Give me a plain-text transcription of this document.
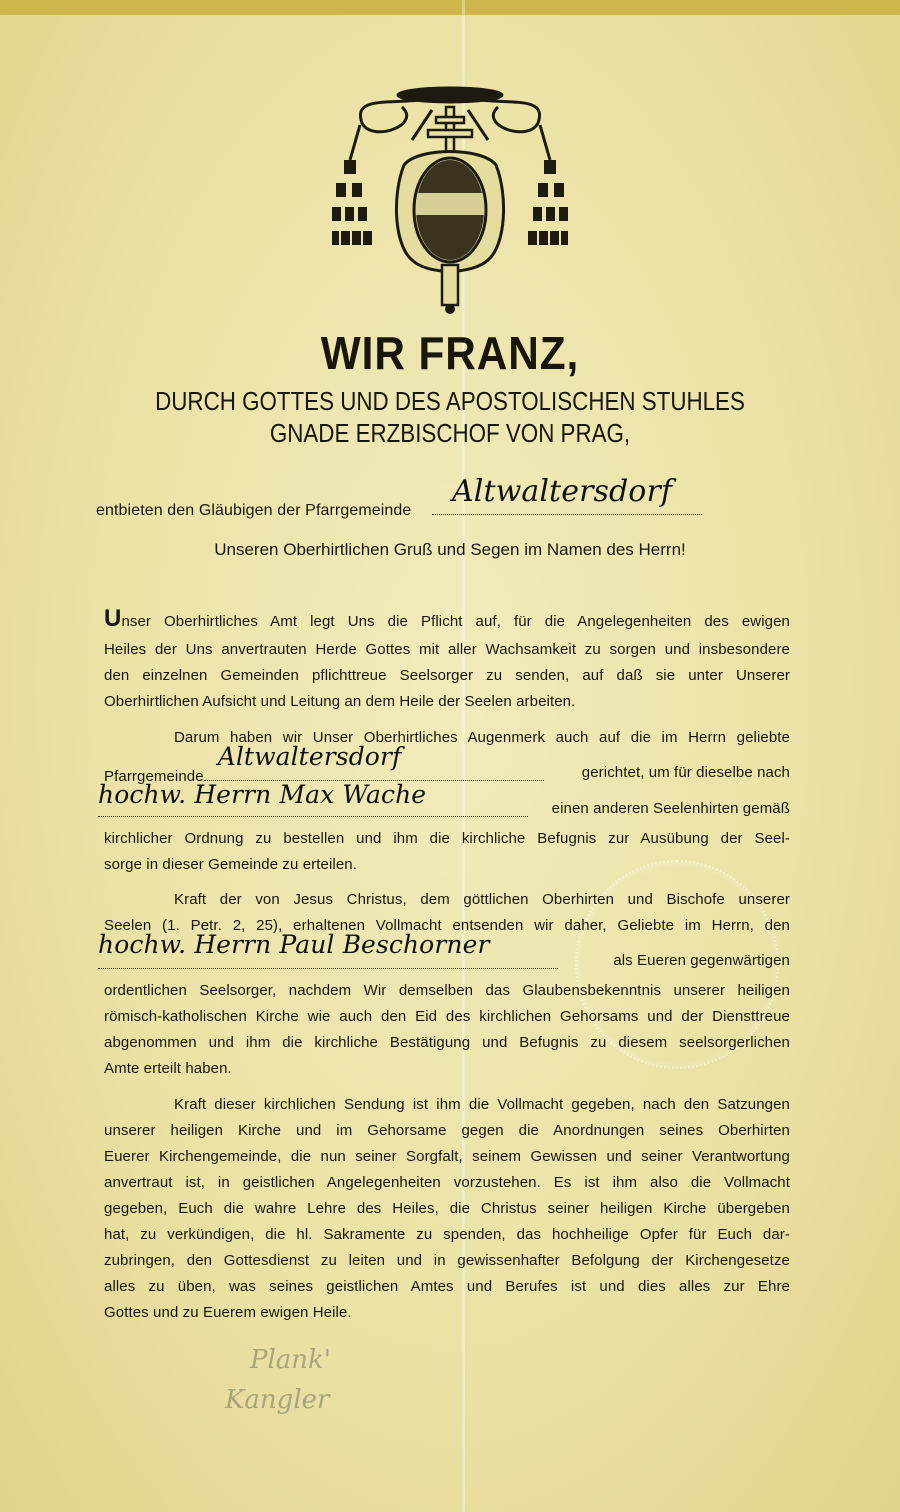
WIR FRANZ,
DURCH GOTTES UND DES APOSTOLISCHEN STUHLES
GNADE ERZBISCHOF VON PRAG,
entbieten den Gläubigen der Pfarrgemeinde
Altwaltersdorf
Unseren Oberhirtlichen Gruß und Segen im Namen des Herrn!
Unser Oberhirtliches Amt legt Uns die Pflicht auf, für die Angelegenheiten des ewigen
Heiles der Uns anvertrauten Herde Gottes mit aller Wachsamkeit zu sorgen und insbesondere
den einzelnen Gemeinden pflichttreue Seelsorger zu senden, auf daß sie unter Unserer
Oberhirtlichen Aufsicht und Leitung an dem Heile der Seelen arbeiten.
Darum haben wir Unser Oberhirtliches Augenmerk auch auf die im Herrn geliebte
Pfarrgemeinde
Altwaltersdorf
gerichtet, um für dieselbe nach
hochw. Herrn Max Wache	einen anderen Seelenhirten gemäß
kirchlicher Ordnung zu bestellen und ihm die kirchliche Befugnis zur Ausübung der Seel-
sorge in dieser Gemeinde zu erteilen.
Kraft der von Jesus Christus, dem göttlichen Oberhirten und Bischofe unserer
Seelen (1. Petr. 2, 25), erhaltenen Vollmacht entsenden wir daher, Geliebte im Herrn, den
hochw. Herrn Paul Beschorner
als Eueren gegenwärtigen
ordentlichen Seelsorger, nachdem Wir demselben das Glaubensbekenntnis unserer heiligen
römisch-katholischen Kirche wie auch den Eid des kirchlichen Gehorsams und der Diensttreue
abgenommen und ihm die kirchliche Bestätigung und Befugnis zu diesem seelsorgerlichen
Amte erteilt haben.
Kraft dieser kirchlichen Sendung ist ihm die Vollmacht gegeben, nach den Satzungen
unserer heiligen Kirche und im Gehorsame gegen die Anordnungen seines Oberhirten
Euerer Kirchengemeinde, die nun seiner Sorgfalt, seinem Gewissen und seiner Verantwortung
anvertraut ist, in geistlichen Angelegenheiten vorzustehen. Es ist ihm also die Vollmacht
gegeben, Euch die wahre Lehre des Heiles, die Christus seiner heiligen Kirche übergeben
hat, zu verkündigen, die hl. Sakramente zu spenden, das hochheilige Opfer für Euch dar-
zubringen, den Gottesdienst zu leiten und in gewissenhafter Befolgung der Kirchengesetze
alles zu üben, was seines geistlichen Amtes und Berufes ist und dies alles zur Ehre
Gottes und zu Euerem ewigen Heile.
Plank'
Kangler
